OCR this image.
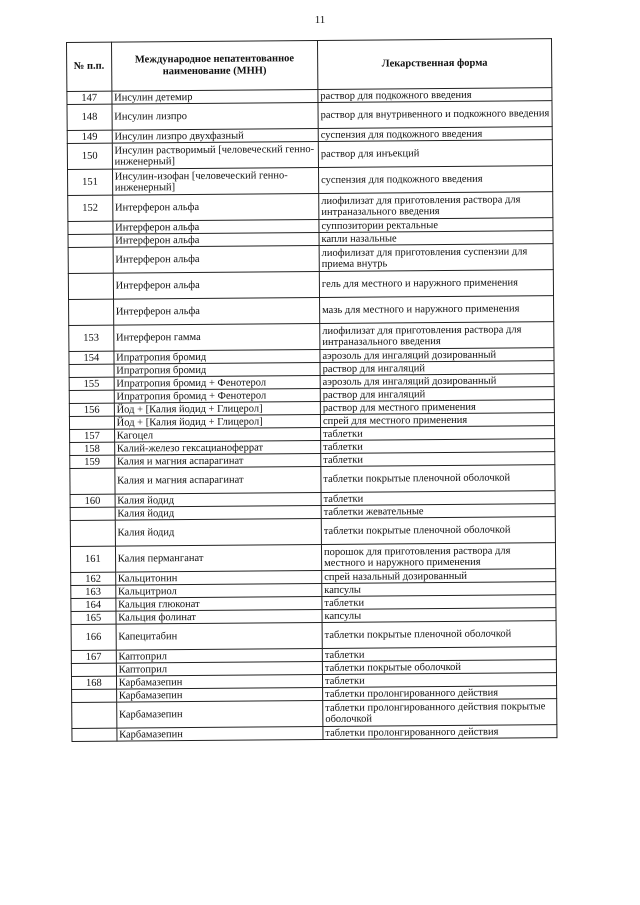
11
№ п.п.	Международное непатентованное наименование (МНН)	Лекарственная форма
147	Инсулин детемир	раствор для подкожного введения
148	Инсулин лизпро	раствор для внутривенного и подкожного введения
149	Инсулин лизпро двухфазный	суспензия для подкожного введения
150	Инсулин растворимый [человеческий генно-инженерный]	раствор для инъекций
151	Инсулин-изофан [человеческий генно-инженерный]	суспензия для подкожного введения
152	Интерферон альфа	лиофилизат для приготовления раствора для интраназального введения
	Интерферон альфа	суппозитории ректальные
	Интерферон альфа	капли назальные
	Интерферон альфа	лиофилизат для приготовления суспензии для приема внутрь
	Интерферон альфа	гель для местного и наружного применения
	Интерферон альфа	мазь для местного и наружного применения
153	Интерферон гамма	лиофилизат для приготовления раствора для интраназального введения
154	Ипратропия бромид	аэрозоль для ингаляций дозированный
	Ипратропия бромид	раствор для ингаляций
155	Ипратропия бромид + Фенотерол	аэрозоль для ингаляций дозированный
	Ипратропия бромид + Фенотерол	раствор для ингаляций
156	Йод + [Калия йодид + Глицерол]	раствор для местного применения
	Йод + [Калия йодид + Глицерол]	спрей для местного применения
157	Кагоцел	таблетки
158	Калий-железо гексацианоферрат	таблетки
159	Калия и магния аспарагинат	таблетки
	Калия и магния аспарагинат	таблетки покрытые пленочной оболочкой
160	Калия йодид	таблетки
	Калия йодид	таблетки жевательные
	Калия йодид	таблетки покрытые пленочной оболочкой
161	Калия перманганат	порошок для приготовления раствора для местного и наружного применения
162	Кальцитонин	спрей назальный дозированный
163	Кальцитриол	капсулы
164	Кальция глюконат	таблетки
165	Кальция фолинат	капсулы
166	Капецитабин	таблетки покрытые пленочной оболочкой
167	Каптоприл	таблетки
	Каптоприл	таблетки покрытые оболочкой
168	Карбамазепин	таблетки
	Карбамазепин	таблетки пролонгированного действия
	Карбамазепин	таблетки пролонгированного действия покрытые оболочкой
	Карбамазепин	таблетки пролонгированного действия
